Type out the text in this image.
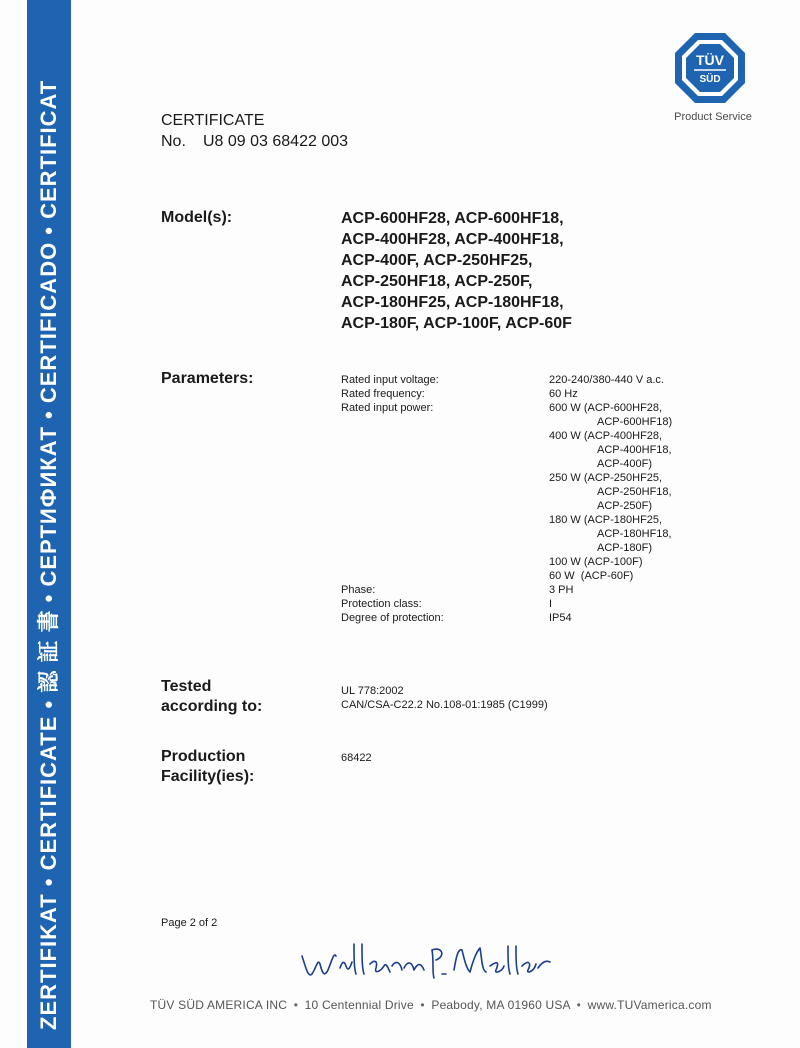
ZERTIFIKAT • CERTIFICATE • 認 証 書 • СЕРТИФИКАТ • CERTIFICADO • CERTIFICAT
TÜV
SÜD
Product Service
CERTIFICATE
No. U8 09 03 68422 003
Model(s):	ACP-600HF28, ACP-600HF18,
ACP-400HF28, ACP-400HF18,
ACP-400F, ACP-250HF25,
ACP-250HF18, ACP-250F,
ACP-180HF25, ACP-180HF18,
ACP-180F, ACP-100F, ACP-60F
Parameters:	Rated input voltage:	220-240/380-440 V a.c.
Rated frequency:	60 Hz
Rated input power:	600 W (ACP-600HF28,
ACP-600HF18)
400 W (ACP-400HF28,
ACP-400HF18,
ACP-400F)
250 W (ACP-250HF25,
ACP-250HF18,
ACP-250F)
180 W (ACP-180HF25,
ACP-180HF18,
ACP-180F)
100 W (ACP-100F)
60 W  (ACP-60F)
Phase:	3 PH
Protection class:	I
Degree of protection:	IP54
Tested
according to:
UL 778:2002
CAN/CSA-C22.2 No.108-01:1985 (C1999)
Production
Facility(ies):
68422
Page 2 of 2
TÜV SÜD AMERICA INC • 10 Centennial Drive • Peabody, MA 01960 USA • www.TUVamerica.com
